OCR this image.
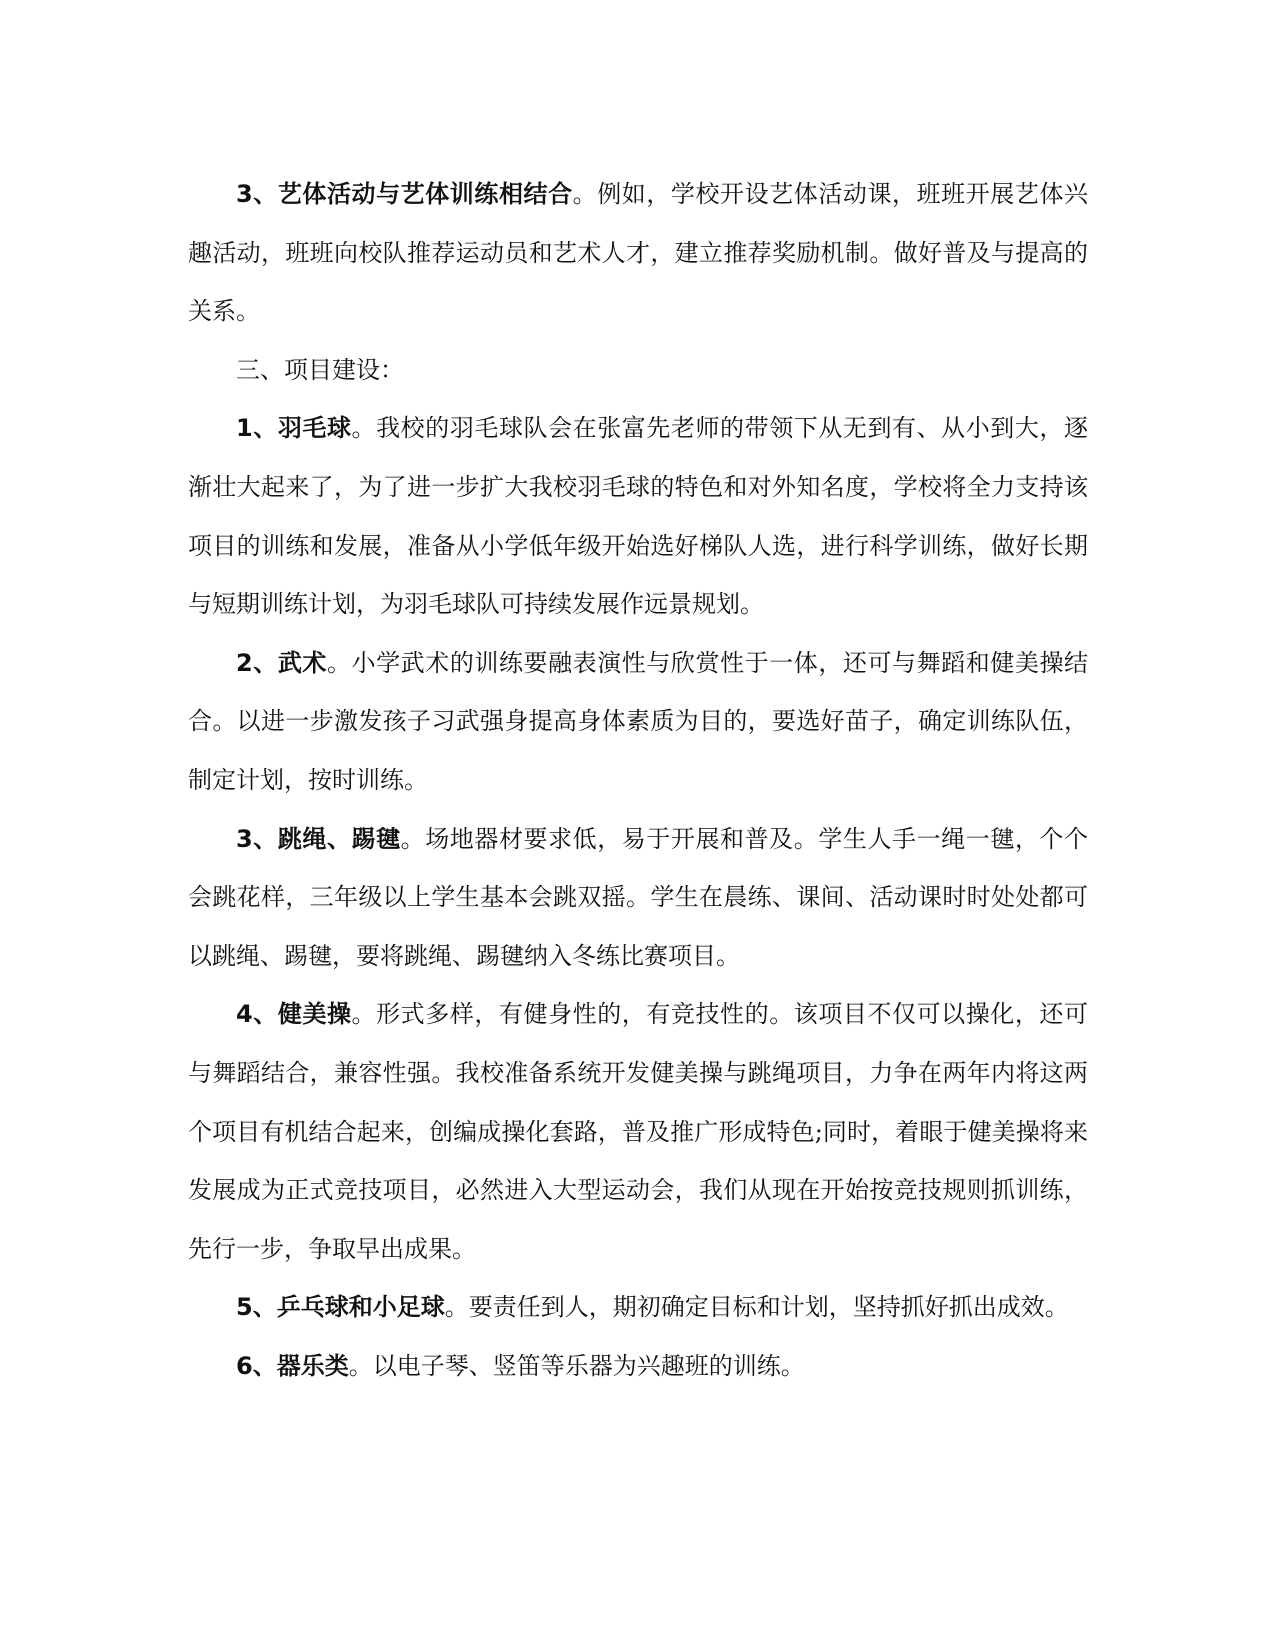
3、艺体活动与艺体训练相结合。例如，学校开设艺体活动课，班班开展艺体兴趣活动，班班向校队推荐运动员和艺术人才，建立推荐奖励机制。做好普及与提高的关系。

三、项目建设：

1、羽毛球。我校的羽毛球队会在张富先老师的带领下从无到有、从小到大，逐渐壮大起来了，为了进一步扩大我校羽毛球的特色和对外知名度，学校将全力支持该项目的训练和发展，准备从小学低年级开始选好梯队人选，进行科学训练，做好长期与短期训练计划，为羽毛球队可持续发展作远景规划。

2、武术。小学武术的训练要融表演性与欣赏性于一体，还可与舞蹈和健美操结合。以进一步激发孩子习武强身提高身体素质为目的，要选好苗子，确定训练队伍，制定计划，按时训练。

3、跳绳、踢毽。场地器材要求低，易于开展和普及。学生人手一绳一毽，个个会跳花样，三年级以上学生基本会跳双摇。学生在晨练、课间、活动课时时处处都可以跳绳、踢毽，要将跳绳、踢毽纳入冬练比赛项目。

4、健美操。形式多样，有健身性的，有竞技性的。该项目不仅可以操化，还可与舞蹈结合，兼容性强。我校准备系统开发健美操与跳绳项目，力争在两年内将这两个项目有机结合起来，创编成操化套路，普及推广形成特色;同时，着眼于健美操将来发展成为正式竞技项目，必然进入大型运动会，我们从现在开始按竞技规则抓训练，先行一步，争取早出成果。

5、乒乓球和小足球。要责任到人，期初确定目标和计划，坚持抓好抓出成效。

6、器乐类。以电子琴、竖笛等乐器为兴趣班的训练。
